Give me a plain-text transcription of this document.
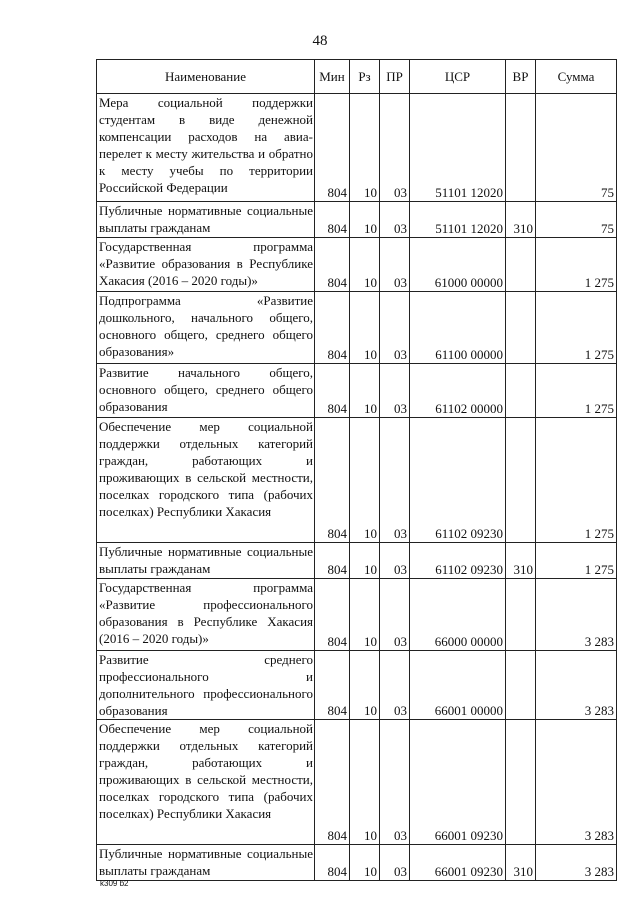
48
Наименование	Мин	Рз	ПР	ЦСР	ВР	Сумма
Мера социальной поддержки студентам в виде денежной компенсации расходов на авиа-перелет к месту жительства и обратно к месту учебы по территории Российской Федерации	804	10	03	51101 12020		75
Публичные нормативные социальные выплаты гражданам	804	10	03	51101 12020	310	75
Государственная программа «Развитие образования в Республике Хакасия (2016 – 2020 годы)»	804	10	03	61000 00000		1 275
Подпрограмма «Развитие дошкольного, начального общего, основного общего, среднего общего образования»	804	10	03	61100 00000		1 275
Развитие начального общего, основного общего, среднего общего образования	804	10	03	61102 00000		1 275
Обеспечение мер социальной поддержки отдельных категорий граждан, работающих и проживающих в сельской местности, поселках городского типа (рабочих поселках) Республики Хакасия	804	10	03	61102 09230		1 275
Публичные нормативные социальные выплаты гражданам	804	10	03	61102 09230	310	1 275
Государственная программа «Развитие профессионального образования в Республике Хакасия (2016 – 2020 годы)»	804	10	03	66000 00000		3 283
Развитие среднего профессионального и дополнительного профессионального образования	804	10	03	66001 00000		3 283
Обеспечение мер социальной поддержки отдельных категорий граждан, работающих и проживающих в сельской местности, поселках городского типа (рабочих поселках) Республики Хакасия	804	10	03	66001 09230		3 283
Публичные нормативные социальные выплаты гражданам	804	10	03	66001 09230	310	3 283
k309 b2
